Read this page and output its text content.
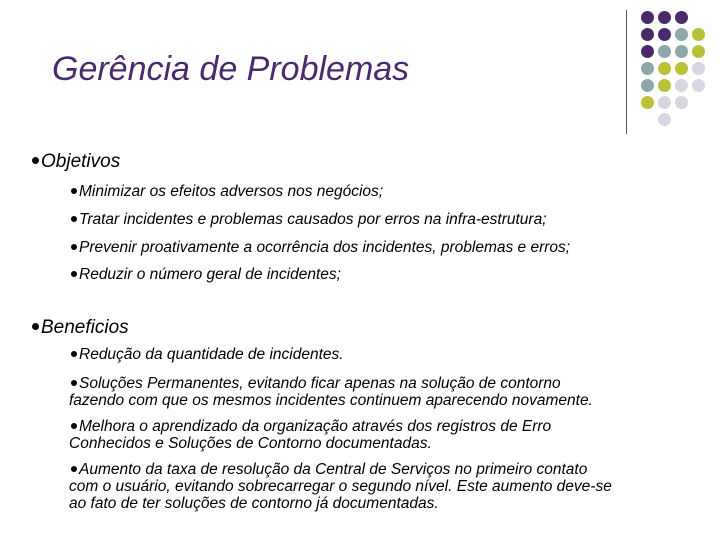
Gerência de Problemas
Objetivos
Minimizar os efeitos adversos nos negócios;
Tratar incidentes e problemas causados por erros na infra-estrutura;
Prevenir proativamente a ocorrência dos incidentes, problemas e erros;
Reduzir o número geral de incidentes;
Beneficios
Redução da quantidade de incidentes.
Soluções Permanentes, evitando ficar apenas na solução de contorno
fazendo com que os mesmos incidentes continuem aparecendo novamente.
Melhora o aprendizado da organização através dos registros de Erro
Conhecidos e Soluções de Contorno documentadas.
Aumento da taxa de resolução da Central de Serviços no primeiro contato
com o usuário, evitando sobrecarregar o segundo nível. Este aumento deve-se
ao fato de ter soluções de contorno já documentadas.
